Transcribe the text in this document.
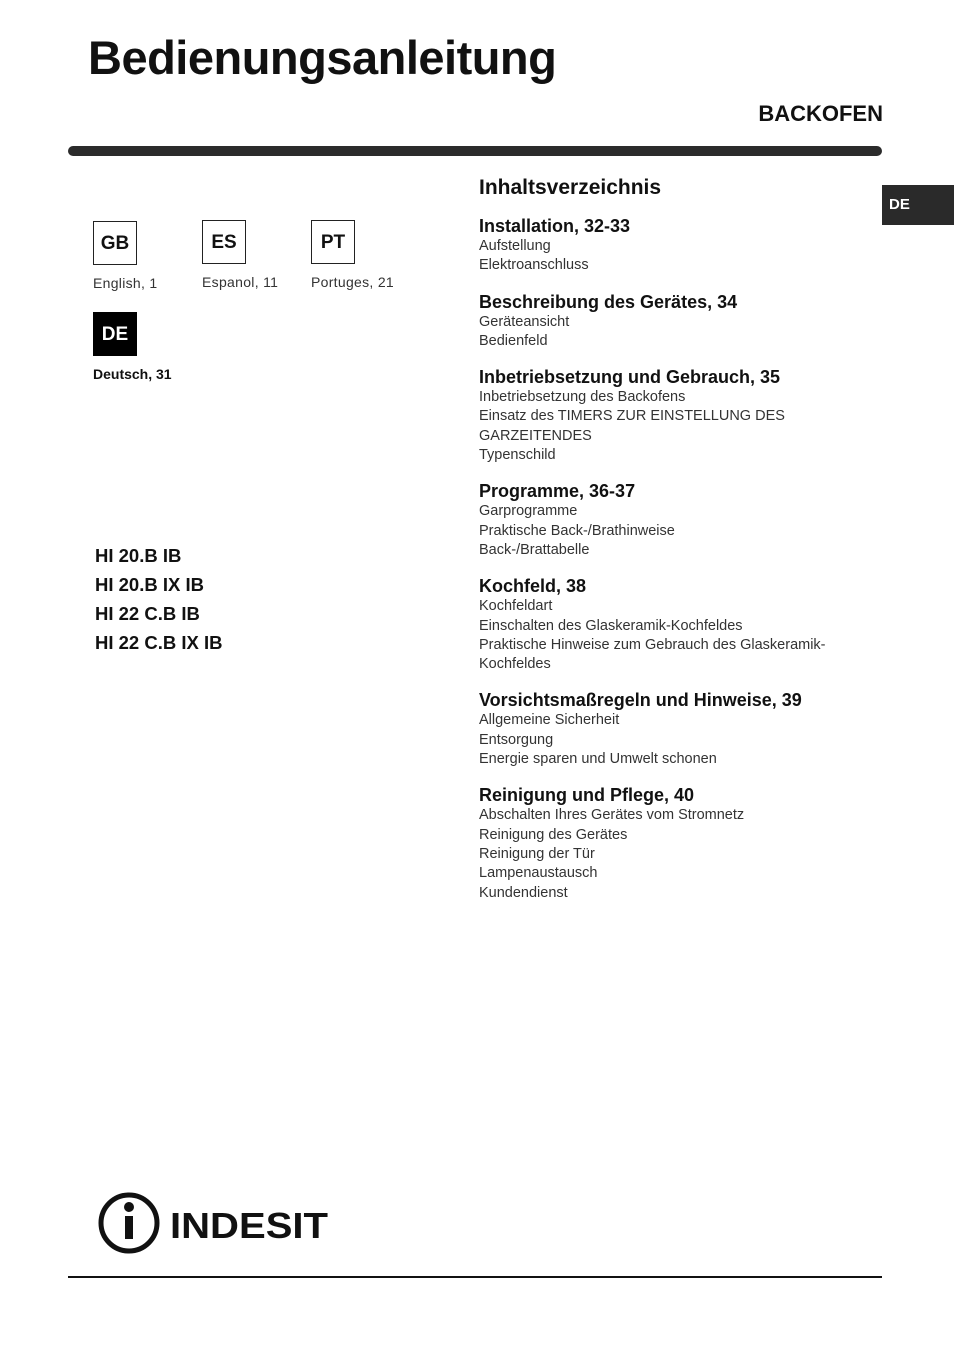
Bedienungsanleitung
BACKOFEN
DE
GB
English, 1
ES
Espanol, 11
PT
Portuges, 21
DE
Deutsch, 31
HI 20.B IB
HI 20.B IX IB
HI 22 C.B IB
HI 22 C.B IX IB
Inhaltsverzeichnis
Installation, 32-33
Aufstellung
Elektroanschluss
Beschreibung des Gerätes, 34
Geräteansicht
Bedienfeld
Inbetriebsetzung und Gebrauch, 35
Inbetriebsetzung des Backofens
Einsatz des TIMERS ZUR EINSTELLUNG DES
GARZEITENDES
Typenschild
Programme, 36-37
Garprogramme
Praktische Back-/Brathinweise
Back-/Brattabelle
Kochfeld, 38
Kochfeldart
Einschalten des Glaskeramik-Kochfeldes
Praktische Hinweise zum Gebrauch des Glaskeramik-
Kochfeldes
Vorsichtsmaßregeln und Hinweise, 39
Allgemeine Sicherheit
Entsorgung
Energie sparen und Umwelt schonen
Reinigung und Pflege, 40
Abschalten Ihres Gerätes vom Stromnetz
Reinigung des Gerätes
Reinigung der Tür
Lampenaustausch
Kundendienst
INDESIT
